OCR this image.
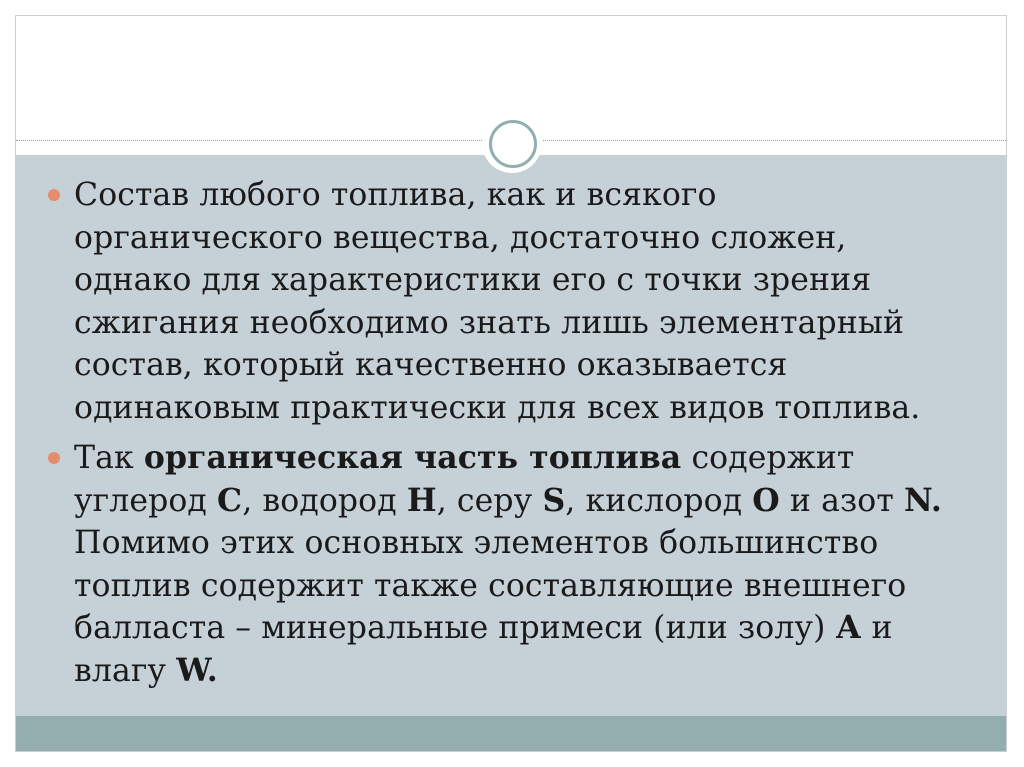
Состав любого топлива, как и всякого органического вещества, достаточно сложен, однако для характеристики его с точки зрения сжигания необходимо знать лишь элементарный состав, который качественно оказывается одинаковым практически для всех видов топлива.
Так органическая часть топлива содержит углерод С, водород Н, серу S, кислород О и азот N. Помимо этих основных элементов большинство топлив содержит также составляющие внешнего балласта – минеральные примеси (или золу) А и влагу W.
